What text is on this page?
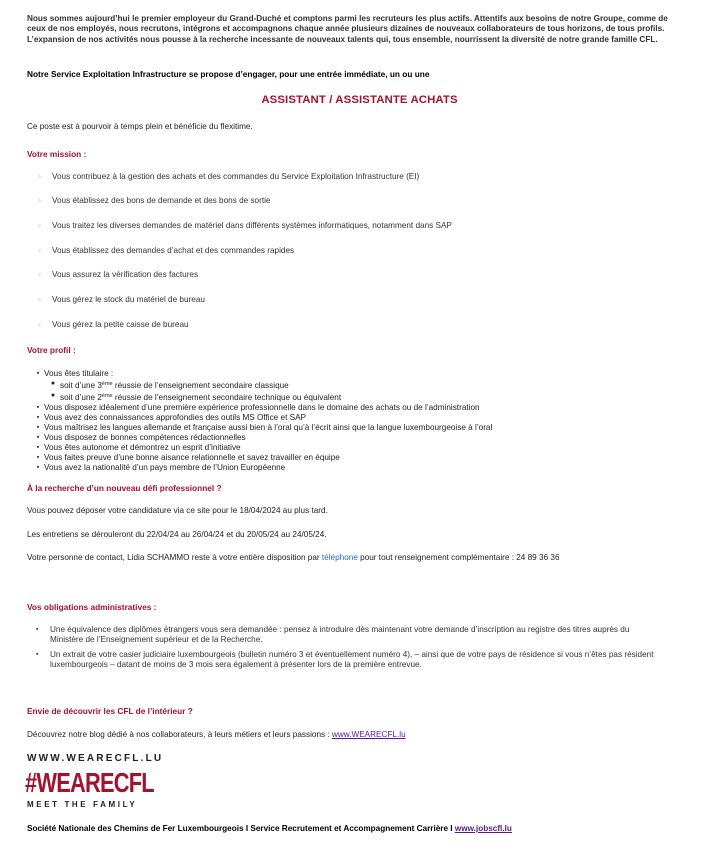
Nous sommes aujourd’hui le premier employeur du Grand-Duché et comptons parmi les recruteurs les plus actifs. Attentifs aux besoins de notre Groupe, comme de ceux de nos employés, nous recrutons, intégrons et accompagnons chaque année plusieurs dizaines de nouveaux collaborateurs de tous horizons, de tous profils. L’expansion de nos activités nous pousse à la recherche incessante de nouveaux talents qui, tous ensemble, nourrissent la diversité de notre grande famille CFL.
Notre Service Exploitation Infrastructure se propose d’engager, pour une entrée immédiate, un ou une
ASSISTANT / ASSISTANTE ACHATS
Ce poste est à pourvoir à temps plein et bénéficie du flexitime.
Votre mission :
◦ Vous contribuez à la gestion des achats et des commandes du Service Exploitation Infrastructure (EI)
◦ Vous établissez des bons de demande et des bons de sortie
◦ Vous traitez les diverses demandes de matériel dans différents systèmes informatiques, notamment dans SAP
◦ Vous établissez des demandes d’achat et des commandes rapides
◦ Vous assurez la vérification des factures
◦ Vous gérez le stock du matériel de bureau
◦ Vous gérez la petite caisse de bureau
Votre profil :
▪ Vous êtes titulaire :
● soit d’une 3ème réussie de l’enseignement secondaire classique
● soit d’une 2ème réussie de l’enseignement secondaire technique ou équivalent
▪ Vous disposez idéalement d’une première expérience professionnelle dans le domaine des achats ou de l’administration
▪ Vous avez des connaissances approfondies des outils MS Office et SAP
▪ Vous maîtrisez les langues allemande et française aussi bien à l’oral qu’à l’écrit ainsi que la langue luxembourgeoise à l’oral
▪ Vous disposez de bonnes compétences rédactionnelles
▪ Vous êtes autonome et démontrez un esprit d’initiative
▪ Vous faites preuve d’une bonne aisance relationnelle et savez travailler en équipe
▪ Vous avez la nationalité d’un pays membre de l’Union Européenne
À la recherche d’un nouveau défi professionnel ?
Vous pouvez déposer votre candidature via ce site pour le 18/04/2024 au plus tard.
Les entretiens se dérouleront du 22/04/24 au 26/04/24 et du 20/05/24 au 24/05/24.
Votre personne de contact, Lidia SCHAMMO reste à votre entière disposition par téléphone pour tout renseignement complémentaire : 24 89 36 36
Vos obligations administratives :
▪	Une équivalence des diplômes étrangers vous sera demandée : pensez à introduire dès maintenant votre demande d’inscription au registre des titres auprès du Ministère de l’Enseignement supérieur et de la Recherche.
▪	Un extrait de votre casier judiciaire luxembourgeois (bulletin numéro 3 et éventuellement numéro 4), – ainsi que de votre pays de résidence si vous n’êtes pas résident luxembourgeois – datant de moins de 3 mois sera également à présenter lors de la première entrevue.
Envie de découvrir les CFL de l’intérieur ?
Découvrez notre blog dédié à nos collaborateurs, à leurs métiers et leurs passions : www.WEARECFL.lu
WWW.WEARECFL.LU
#WEARECFL
MEET THE FAMILY
Société Nationale des Chemins de Fer Luxembourgeois I Service Recrutement et Accompagnement Carrière I www.jobscfl.lu
